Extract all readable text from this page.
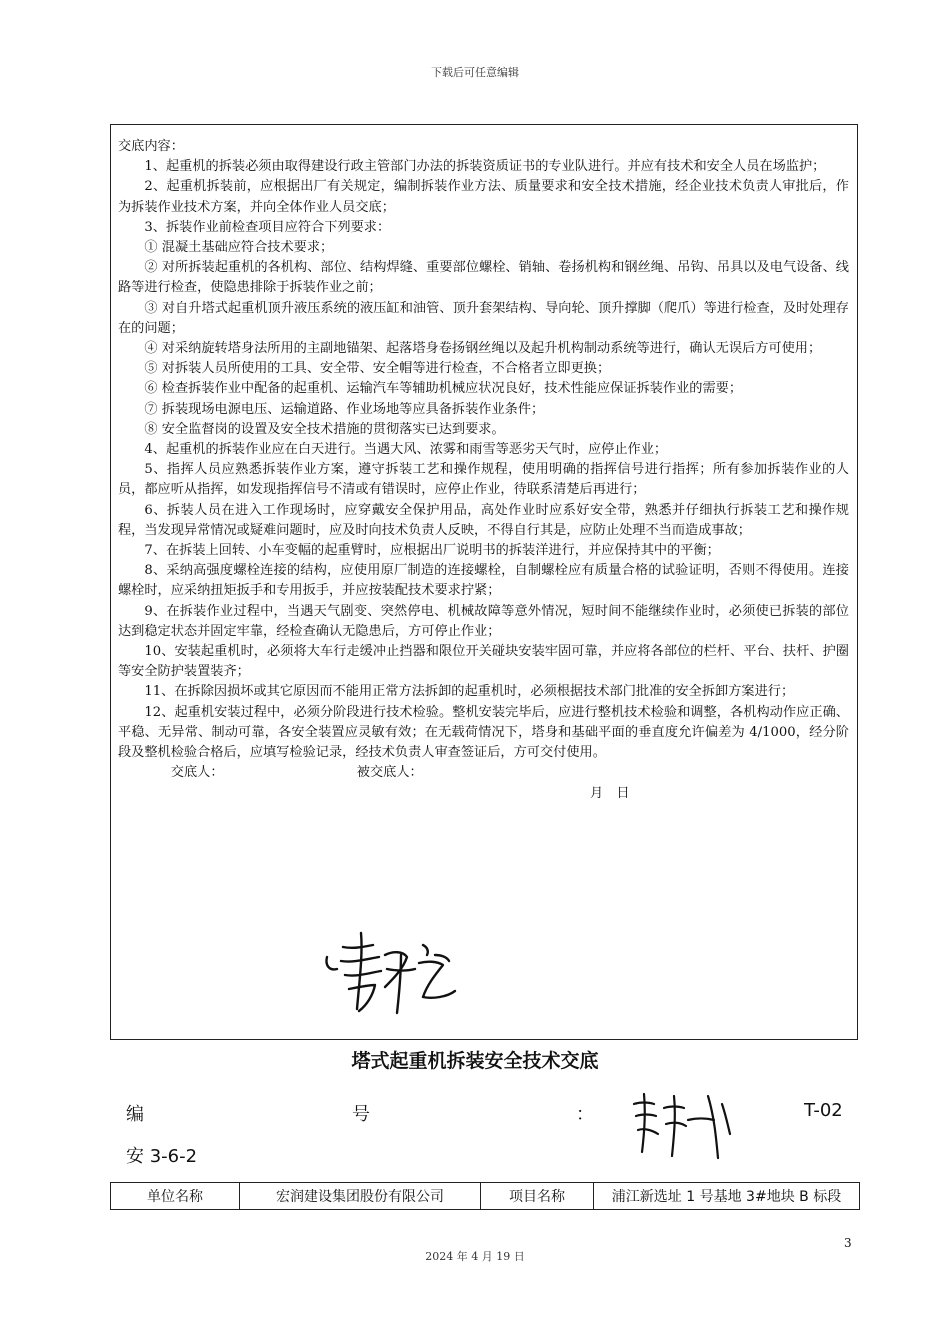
下载后可任意编辑

交底内容：

1、起重机的拆装必须由取得建设行政主管部门办法的拆装资质证书的专业队进行。并应有技术和安全人员在场监护；

2、起重机拆装前，应根据出厂有关规定，编制拆装作业方法、质量要求和安全技术措施，经企业技术负责人审批后，作为拆装作业技术方案，并向全体作业人员交底；

3、拆装作业前检查项目应符合下列要求：

① 混凝土基础应符合技术要求；

② 对所拆装起重机的各机构、部位、结构焊缝、重要部位螺栓、销轴、卷扬机构和钢丝绳、吊钩、吊具以及电气设备、线路等进行检查，使隐患排除于拆装作业之前；

③ 对自升塔式起重机顶升液压系统的液压缸和油管、顶升套架结构、导向轮、顶升撑脚（爬爪）等进行检查，及时处理存在的问题；

④ 对采纳旋转塔身法所用的主副地锚架、起落塔身卷扬钢丝绳以及起升机构制动系统等进行，确认无误后方可使用；

⑤ 对拆装人员所使用的工具、安全带、安全帽等进行检查，不合格者立即更换；

⑥ 检查拆装作业中配备的起重机、运输汽车等辅助机械应状况良好，技术性能应保证拆装作业的需要；

⑦ 拆装现场电源电压、运输道路、作业场地等应具备拆装作业条件；

⑧ 安全监督岗的设置及安全技术措施的贯彻落实已达到要求。

4、起重机的拆装作业应在白天进行。当遇大风、浓雾和雨雪等恶劣天气时，应停止作业；

5、指挥人员应熟悉拆装作业方案，遵守拆装工艺和操作规程，使用明确的指挥信号进行指挥；所有参加拆装作业的人员，都应听从指挥，如发现指挥信号不清或有错误时，应停止作业，待联系清楚后再进行；

6、拆装人员在进入工作现场时，应穿戴安全保护用品，高处作业时应系好安全带，熟悉并仔细执行拆装工艺和操作规程，当发现异常情况或疑难问题时，应及时向技术负责人反映，不得自行其是，应防止处理不当而造成事故；

7、在拆装上回转、小车变幅的起重臂时，应根据出厂说明书的拆装洋进行，并应保持其中的平衡；

8、采纳高强度螺栓连接的结构，应使用原厂制造的连接螺栓，自制螺栓应有质量合格的试验证明，否则不得使用。连接螺栓时，应采纳扭矩扳手和专用扳手，并应按装配技术要求拧紧；

9、在拆装作业过程中，当遇天气剧变、突然停电、机械故障等意外情况，短时间不能继续作业时，必须使已拆装的部位达到稳定状态并固定牢靠，经检查确认无隐患后，方可停止作业；

10、安装起重机时，必须将大车行走缓冲止挡器和限位开关碰块安装牢固可靠，并应将各部位的栏杆、平台、扶杆、护圈等安全防护装置装齐；

11、在拆除因损坏或其它原因而不能用正常方法拆卸的起重机时，必须根据技术部门批准的安全拆卸方案进行；

12、起重机安装过程中，必须分阶段进行技术检验。整机安装完毕后，应进行整机技术检验和调整，各机构动作应正确、平稳、无异常、制动可靠，各安全装置应灵敏有效；在无载荷情况下，塔身和基础平面的垂直度允许偏差为 4/1000，经分阶段及整机检验合格后，应填写检验记录，经技术负责人审查签证后，方可交付使用。

交底人：	被交底人：

月　日

塔式起重机拆装安全技术交底
编	号	：	T-02
安 3-6-2
单位名称	宏润建设集团股份有限公司	项目名称	浦江新选址 1 号基地 3#地块 B 标段
3
2024 年 4 月 19 日
